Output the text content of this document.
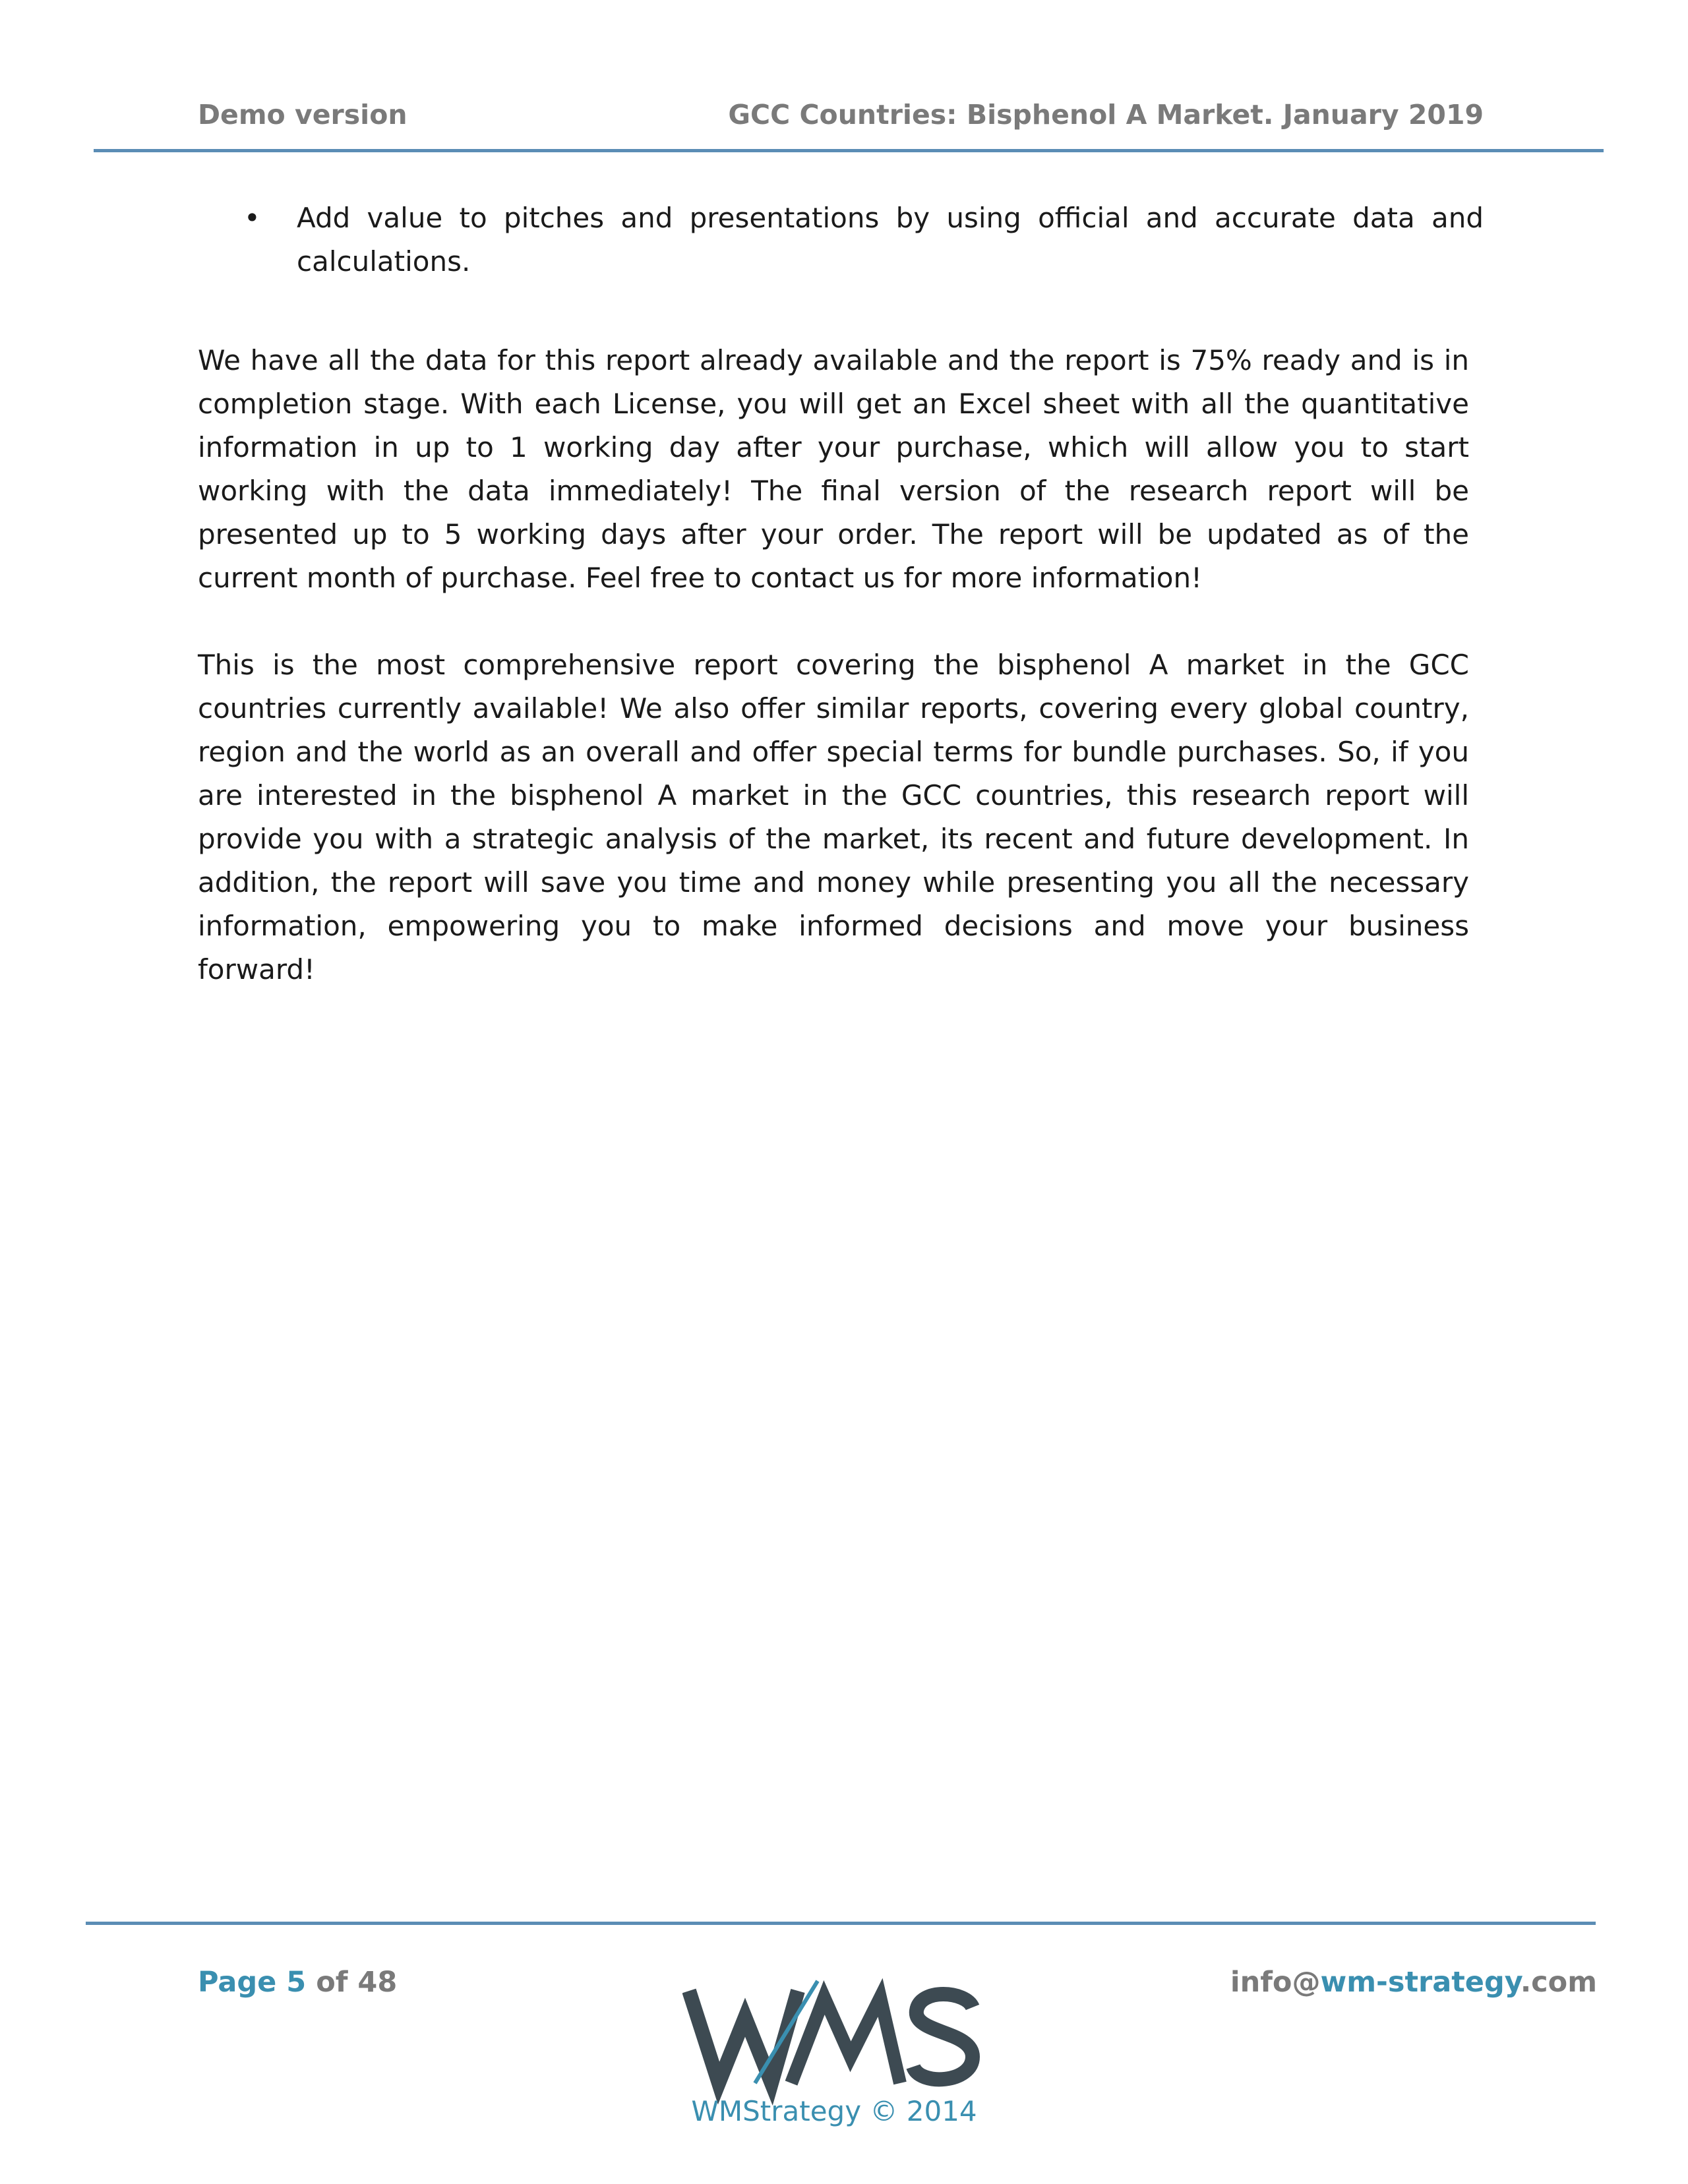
Demo version	GCC Countries: Bisphenol A Market. January 2019
• Add value to pitches and presentations by using official and accurate data and calculations.

We have all the data for this report already available and the report is 75% ready and is in completion stage. With each License, you will get an Excel sheet with all the quantitative information in up to 1 working day after your purchase, which will allow you to start working with the data immediately! The final version of the research report will be presented up to 5 working days after your order. The report will be updated as of the current month of purchase. Feel free to contact us for more information!

This is the most comprehensive report covering the bisphenol A market in the GCC countries currently available! We also offer similar reports, covering every global country, region and the world as an overall and offer special terms for bundle purchases. So, if you are interested in the bisphenol A market in the GCC countries, this research report will provide you with a strategic analysis of the market, its recent and future development. In addition, the report will save you time and money while presenting you all the necessary information, empowering you to make informed decisions and move your business forward!

Page 5 of 48	info@wm-strategy.com
WMStrategy © 2014
